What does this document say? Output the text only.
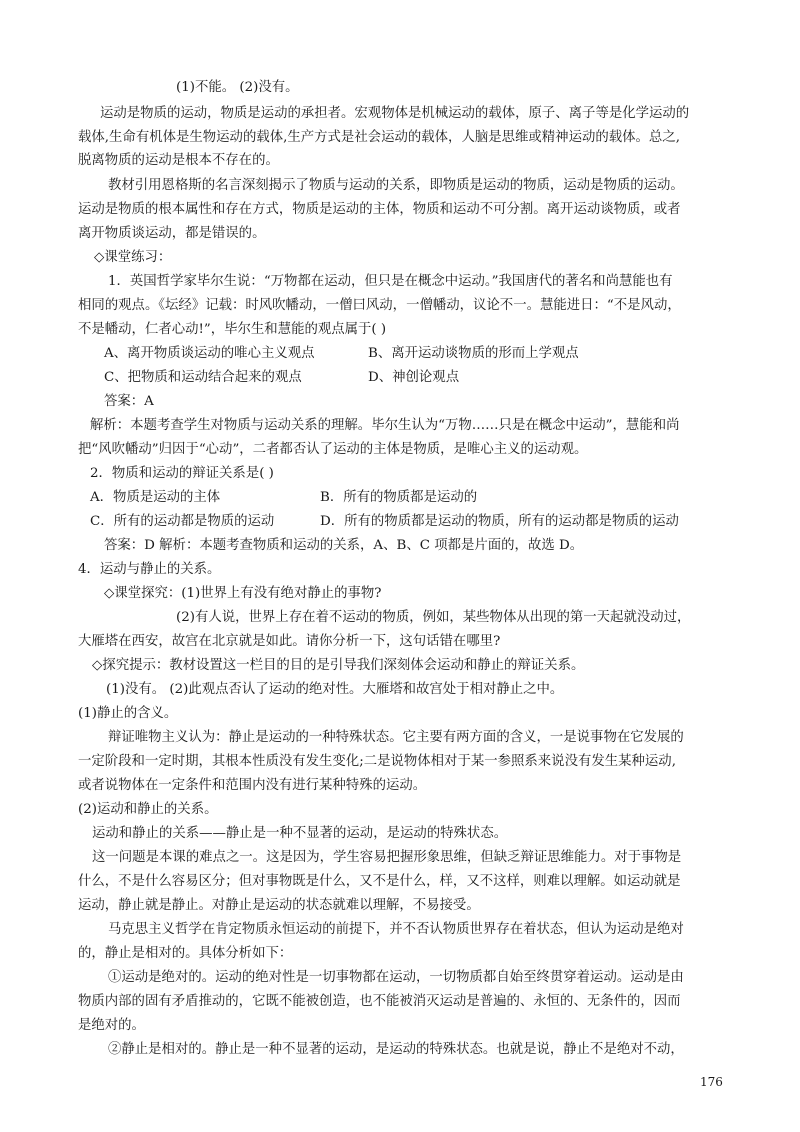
(1)不能。 (2)没有。
运动是物质的运动，物质是运动的承担者。宏观物体是机械运动的载体，原子、离子等是化学运动的
载体,生命有机体是生物运动的载体,生产方式是社会运动的载体，人脑是思维或精神运动的载体。总之,
脱离物质的运动是根本不存在的。
教材引用恩格斯的名言深刻揭示了物质与运动的关系，即物质是运动的物质，运动是物质的运动。
运动是物质的根本属性和存在方式，物质是运动的主体，物质和运动不可分割。离开运动谈物质，或者
离开物质谈运动，都是错误的。
◇课堂练习：
1．英国哲学家毕尔生说：“万物都在运动，但只是在概念中运动。”我国唐代的著名和尚慧能也有
相同的观点。《坛经》记载：时风吹幡动，一僧曰风动，一僧幡动，议论不一。慧能进日：“不是风动，
不是幡动，仁者心动!”，毕尔生和慧能的观点属于( )
A、离开物质谈运动的唯心主义观点	B、离开运动谈物质的形而上学观点
C、把物质和运动结合起来的观点	D、神创论观点
答案：A
解析：本题考查学生对物质与运动关系的理解。毕尔生认为“万物……只是在概念中运动”，慧能和尚
把“风吹幡动”归因于“心动”，二者都否认了运动的主体是物质，是唯心主义的运动观。
2．物质和运动的辩证关系是( )
A．物质是运动的主体	B．所有的物质都是运动的
C．所有的运动都是物质的运动	D．所有的物质都是运动的物质，所有的运动都是物质的运动
答案：D 解析：本题考查物质和运动的关系，A、B、C 项都是片面的，故选 D。
4．运动与静止的关系。
◇课堂探究：(1)世界上有没有绝对静止的事物?
(2)有人说，世界上存在着不运动的物质，例如，某些物体从出现的第一天起就没动过，
大雁塔在西安，故宫在北京就是如此。请你分析一下，这句话错在哪里?
◇探究提示：教材设置这一栏目的目的是引导我们深刻体会运动和静止的辩证关系。
(1)没有。 (2)此观点否认了运动的绝对性。大雁塔和故宫处于相对静止之中。
(1)静止的含义。
辩证唯物主义认为：静止是运动的一种特殊状态。它主要有两方面的含义，一是说事物在它发展的
一定阶段和一定时期，其根本性质没有发生变化;二是说物体相对于某一参照系来说没有发生某种运动,
或者说物体在一定条件和范围内没有进行某种特殊的运动。
(2)运动和静止的关系。
运动和静止的关系——静止是一种不显著的运动，是运动的特殊状态。
这一问题是本课的难点之一。这是因为，学生容易把握形象思维，但缺乏辩证思维能力。对于事物是
什么，不是什么容易区分；但对事物既是什么，又不是什么，样，又不这样，则难以理解。如运动就是
运动，静止就是静止。对静止是运动的状态就难以理解，不易接受。
马克思主义哲学在肯定物质永恒运动的前提下，并不否认物质世界存在着状态，但认为运动是绝对
的，静止是相对的。具体分析如下：
①运动是绝对的。运动的绝对性是一切事物都在运动，一切物质都自始至终贯穿着运动。运动是由
物质内部的固有矛盾推动的，它既不能被创造，也不能被消灭运动是普遍的、永恒的、无条件的，因而
是绝对的。
②静止是相对的。静止是一种不显著的运动，是运动的特殊状态。也就是说，静止不是绝对不动，
176
